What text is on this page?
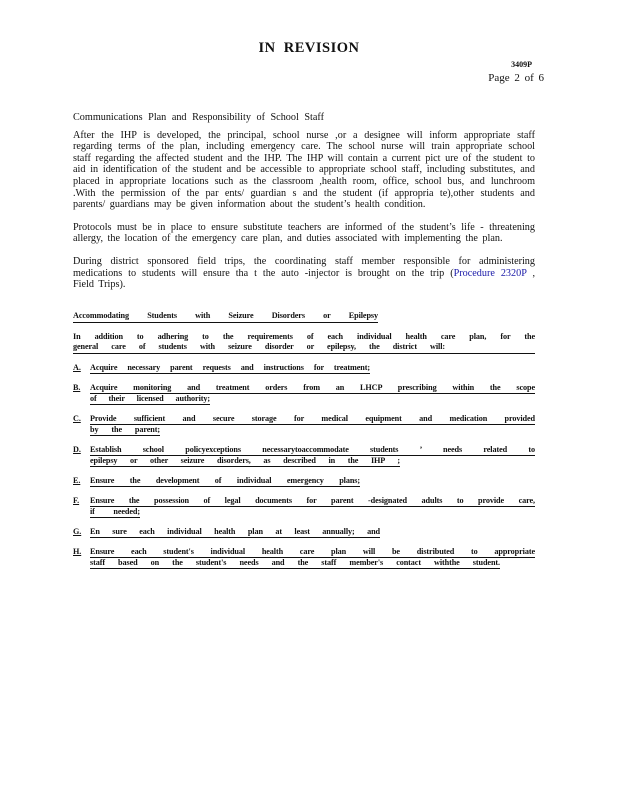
IN REVISION
3409P
Page 2 of 6
Communications Plan and Responsibility of School Staff

After the IHP is developed, the principal, school nurse ,or a designee will inform appropriate staff regarding terms of the plan, including emergency care. The school nurse will train appropriate school staff regarding the affected student and the IHP. The IHP will contain a current pict ure of the student to aid in identification of the student and be accessible to appropriate school staff, including substitutes, and placed in appropriate locations such as the classroom ,health room, office, school bus, and lunchroom .With the permission of the par ents/ guardian s and the student (if appropria te),other students and parents/ guardians may be given information about the student’s health condition.

Protocols must be in place to ensure substitute teachers are informed of the student’s life - threatening allergy, the location of the emergency care plan, and duties associated with implementing the plan.

During district sponsored field trips, the coordinating staff member responsible for administering medications to students will ensure tha t the auto -injector is brought on the trip (Procedure 2320P , Field Trips).

Accommodating Students with Seizure Disorders or Epilepsy
In addition to adhering to the requirements of each individual health care plan, for the
general care of students with seizure disorder or epilepsy, the district will:
A. Acquire necessary parent requests and instructions for treatment;
B. Acquire monitoring and treatment orders from an LHCP prescribing within the scope
of their licensed authority;
C. Provide sufficient and secure storage for medical equipment and medication provided
by the parent;
D. Establish school policyexceptions necessarytoaccommodate students ’ needs related to
epilepsy or other seizure disorders, as described in the IHP ;
E. Ensure the development of individual emergency plans;
F. Ensure the possession of legal documents for parent -designated adults to provide care,
if needed;
G. En sure each individual health plan at least annually; and
H. Ensure each student's individual health care plan will be distributed to appropriate
staff based on the student's needs and the staff member's contact withthe student.
